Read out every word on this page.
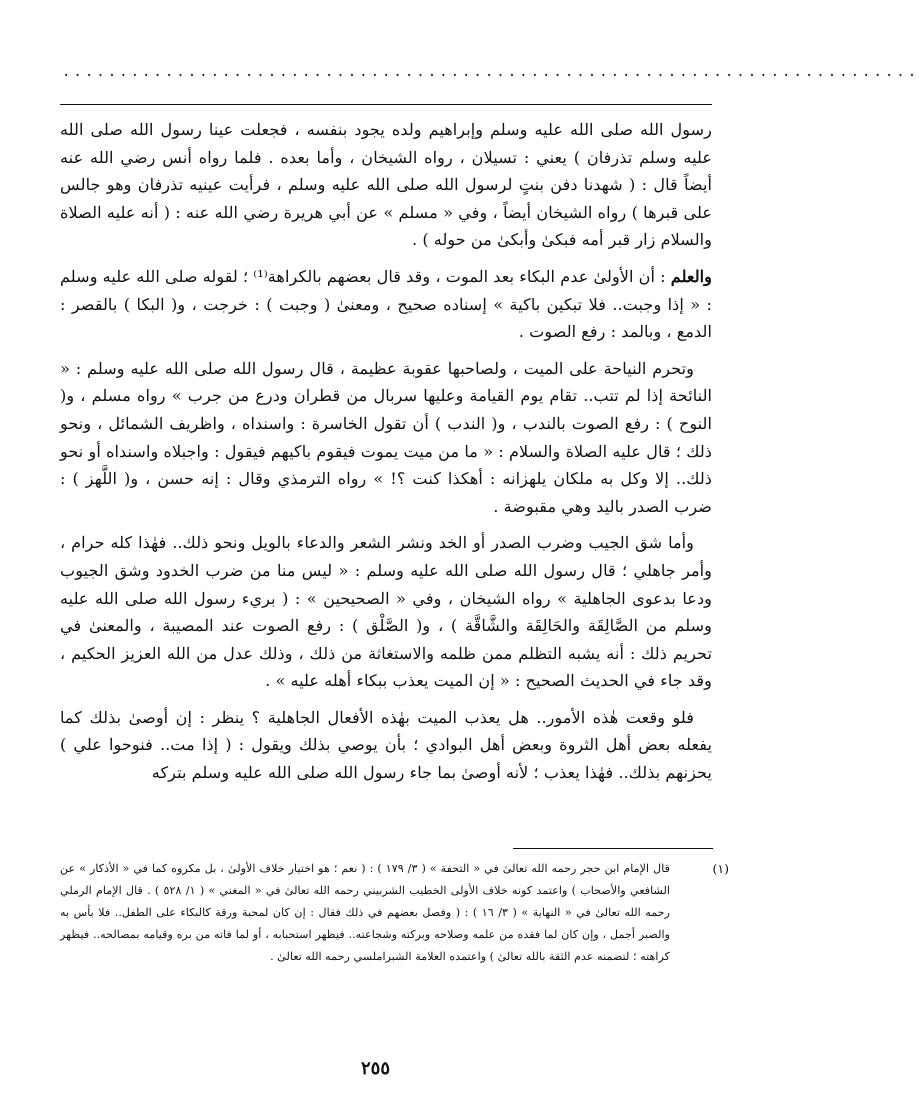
...........................................................................

رسول الله صلى الله عليه وسلم وإبراهيم ولده يجود بنفسه ، فجعلت عينا رسول الله صلى الله عليه وسلم تذرفان ) يعني : تسيلان ، رواه الشيخان ، وأما بعده . فلما رواه أنس رضي الله عنه أيضاً قال : ( شهدنا دفن بنتٍ لرسول الله صلى الله عليه وسلم ، فرأيت عينيه تذرفان وهو جالس على قبرها ) رواه الشيخان أيضاً ، وفي « مسلم » عن أبي هريرة رضي الله عنه : ( أنه عليه الصلاة والسلام زار قبر أمه فبكىٰ وأبكىٰ من حوله ) .

والعلم : أن الأولىٰ عدم البكاء بعد الموت ، وقد قال بعضهم بالكراهة⁽¹⁾ ؛ لقوله صلى الله عليه وسلم : « إذا وجبت.. فلا تبكين باكية » إسناده صحيح ، ومعنىٰ ( وجبت ) : خرجت ، و( البكا ) بالقصر : الدمع ، وبالمد : رفع الصوت .

وتحرم النياحة على الميت ، ولصاحبها عقوبة عظيمة ، قال رسول الله صلى الله عليه وسلم : « النائحة إذا لم تتب.. تقام يوم القيامة وعليها سربال من قطران ودرع من جرب » رواه مسلم ، و( النوح ) : رفع الصوت بالندب ، و( الندب ) أن تقول الخاسرة : واسنداه ، واظريف الشمائل ، ونحو ذلك ؛ قال عليه الصلاة والسلام : « ما من ميت يموت فيقوم باكيهم فيقول : واجبلاه واسنداه أو نحو ذلك.. إلا وكل به ملكان يلهزانه : أهكذا كنت ؟! » رواه الترمذي وقال : إنه حسن ، و( اللَّهز ) : ضرب الصدر باليد وهي مقبوضة .

وأما شق الجيب وضرب الصدر أو الخد ونشر الشعر والدعاء بالويل ونحو ذلك.. فهٰذا كله حرام ، وأمر جاهلي ؛ قال رسول الله صلى الله عليه وسلم : « ليس منا من ضرب الخدود وشق الجيوب ودعا بدعوى الجاهلية » رواه الشيخان ، وفي « الصحيحين » : ( بريء رسول الله صلى الله عليه وسلم من الصَّالِقَة والحَالِقَة والشَّاقَّة ) ، و( الصَّلْق ) : رفع الصوت عند المصيبة ، والمعنىٰ في تحريم ذلك : أنه يشبه التظلم ممن ظلمه والاستغاثة من ذلك ، وذلك عدل من الله العزيز الحكيم ، وقد جاء في الحديث الصحيح : « إن الميت يعذب ببكاء أهله عليه » .

فلو وقعت هٰذه الأمور.. هل يعذب الميت بهٰذه الأفعال الجاهلية ؟ ينظر : إن أوصىٰ بذلك كما يفعله بعض أهل الثروة وبعض أهل البوادي ؛ بأن يوصي بذلك ويقول : ( إذا مت.. فنوحوا علي ) يحزنهم بذلك.. فهٰذا يعذب ؛ لأنه أوصىٰ بما جاء رسول الله صلى الله عليه وسلم بتركه

(١)
قال الإمام ابن حجر رحمه الله تعالىٰ في « التحفة » ( ٣/ ١٧٩ ) : ( نعم ؛ هو اختيار خلاف الأولىٰ ، بل مكروه كما في « الأذكار » عن الشافعي والأصحاب ) واعتمد كونه خلاف الأولى الخطيب الشربيني رحمه الله تعالىٰ في « المغني » ( ١/ ٥٢٨ ) . قال الإمام الرملي رحمه الله تعالىٰ في « النهاية » ( ٣/ ١٦ ) : ( وفصل بعضهم في ذلك فقال : إن كان لمحبة ورقة كالبكاء على الطفل.. فلا بأس به والصبر أجمل ، وإن كان لما فقده من علمه وصلاحه وبركته وشجاعته.. فيظهر استحبابه ، أو لما فاته من بره وقيامه بمصالحه.. فيظهر كراهته ؛ لتضمنه عدم الثقة بالله تعالىٰ ) واعتمده العلامة الشبراملسي رحمه الله تعالىٰ .
٢٥٥
